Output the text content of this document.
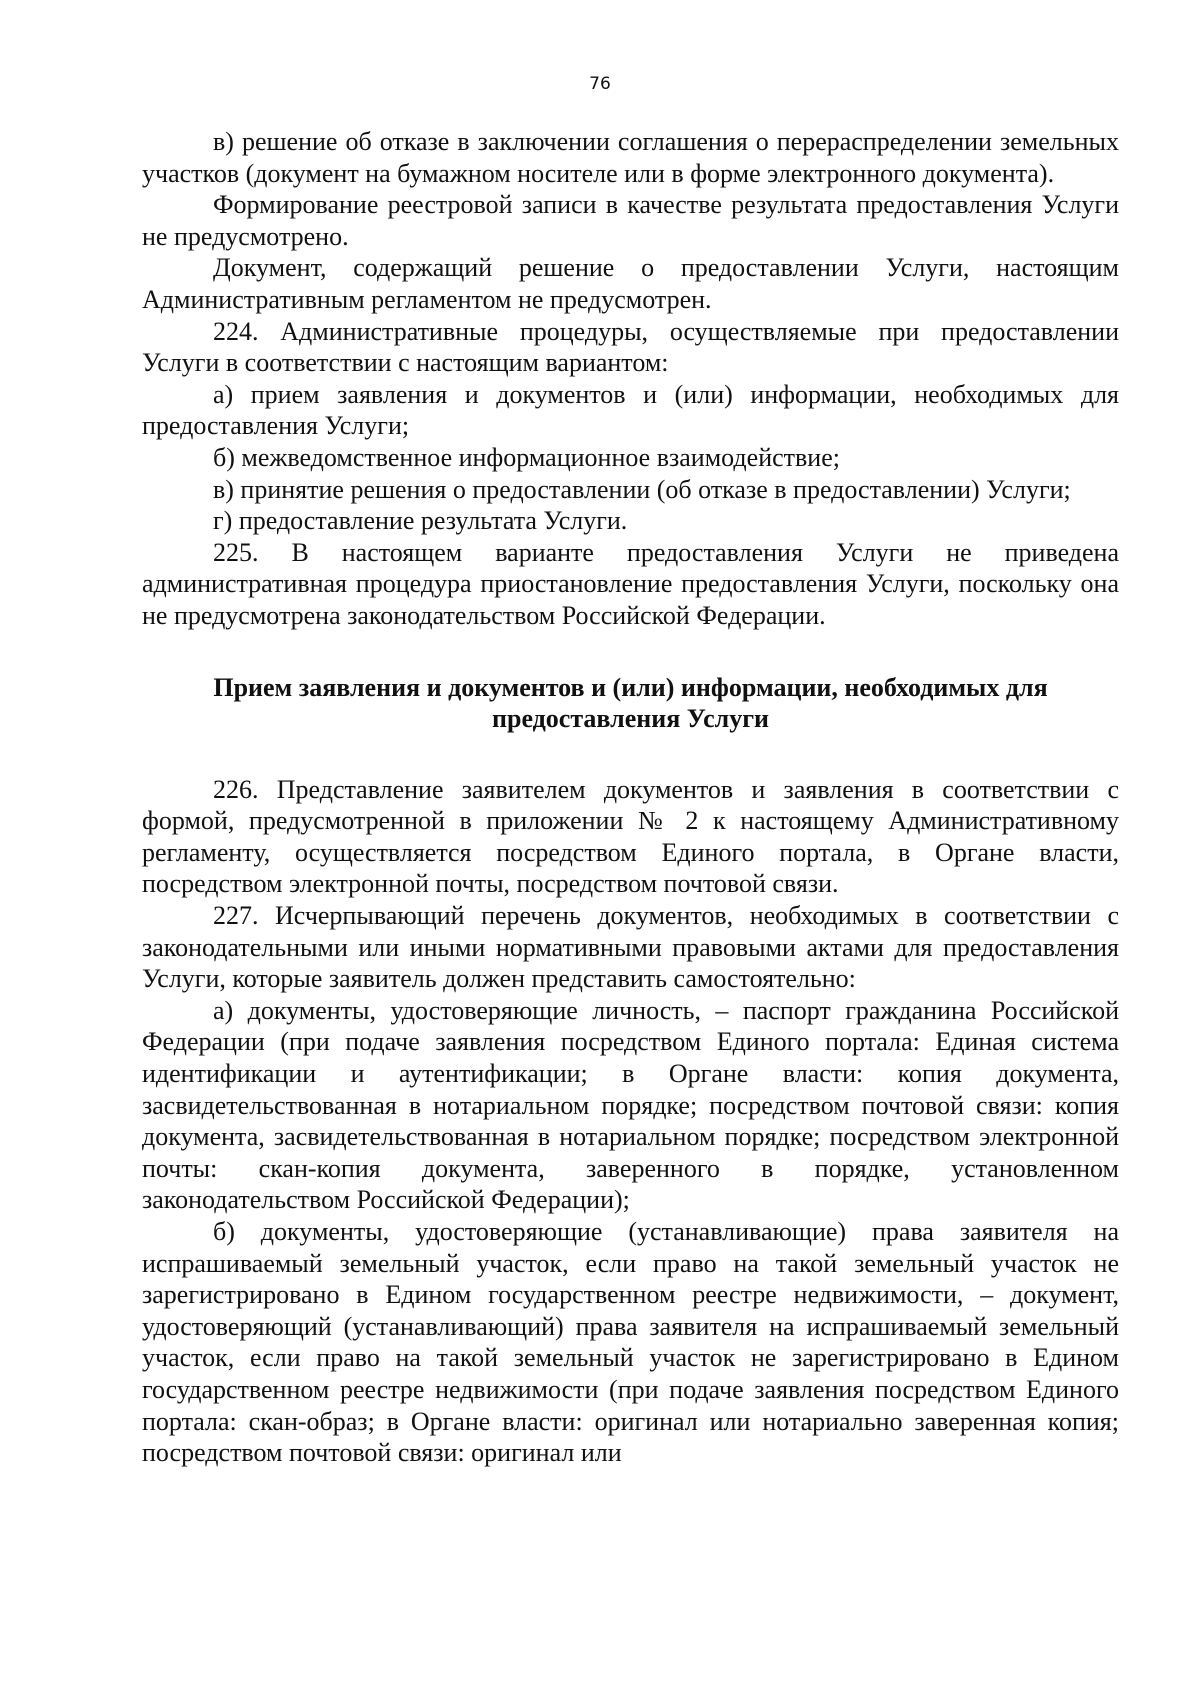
76

в) решение об отказе в заключении соглашения о перераспределении земельных участков (документ на бумажном носителе или в форме электронного документа).

Формирование реестровой записи в качестве результата предоставления Услуги не предусмотрено.

Документ, содержащий решение о предоставлении Услуги, настоящим Административным регламентом не предусмотрен.

224. Административные процедуры, осуществляемые при предоставлении Услуги в соответствии с настоящим вариантом:

а) прием заявления и документов и (или) информации, необходимых для предоставления Услуги;

б) межведомственное информационное взаимодействие;

в) принятие решения о предоставлении (об отказе в предоставлении) Услуги;

г) предоставление результата Услуги.

225. В настоящем варианте предоставления Услуги не приведена административная процедура приостановление предоставления Услуги, поскольку она не предусмотрена законодательством Российской Федерации.

Прием заявления и документов и (или) информации, необходимых для
предоставления Услуги

226. Представление заявителем документов и заявления в соответствии с формой, предусмотренной в приложении № 2 к настоящему Административному регламенту, осуществляется посредством Единого портала, в Органе власти, посредством электронной почты, посредством почтовой связи.

227. Исчерпывающий перечень документов, необходимых в соответствии с законодательными или иными нормативными правовыми актами для предоставления Услуги, которые заявитель должен представить самостоятельно:

а) документы, удостоверяющие личность, – паспорт гражданина Российской Федерации (при подаче заявления посредством Единого портала: Единая система идентификации и аутентификации; в Органе власти: копия документа, засвидетельствованная в нотариальном порядке; посредством почтовой связи: копия документа, засвидетельствованная в нотариальном порядке; посредством электронной почты: скан-копия документа, заверенного в порядке, установленном законодательством Российской Федерации);

б) документы, удостоверяющие (устанавливающие) права заявителя на испрашиваемый земельный участок, если право на такой земельный участок не зарегистрировано в Едином государственном реестре недвижимости, – документ, удостоверяющий (устанавливающий) права заявителя на испрашиваемый земельный участок, если право на такой земельный участок не зарегистрировано в Едином государственном реестре недвижимости (при подаче заявления посредством Единого портала: скан-образ; в Органе власти: оригинал или нотариально заверенная копия; посредством почтовой связи: оригинал или
